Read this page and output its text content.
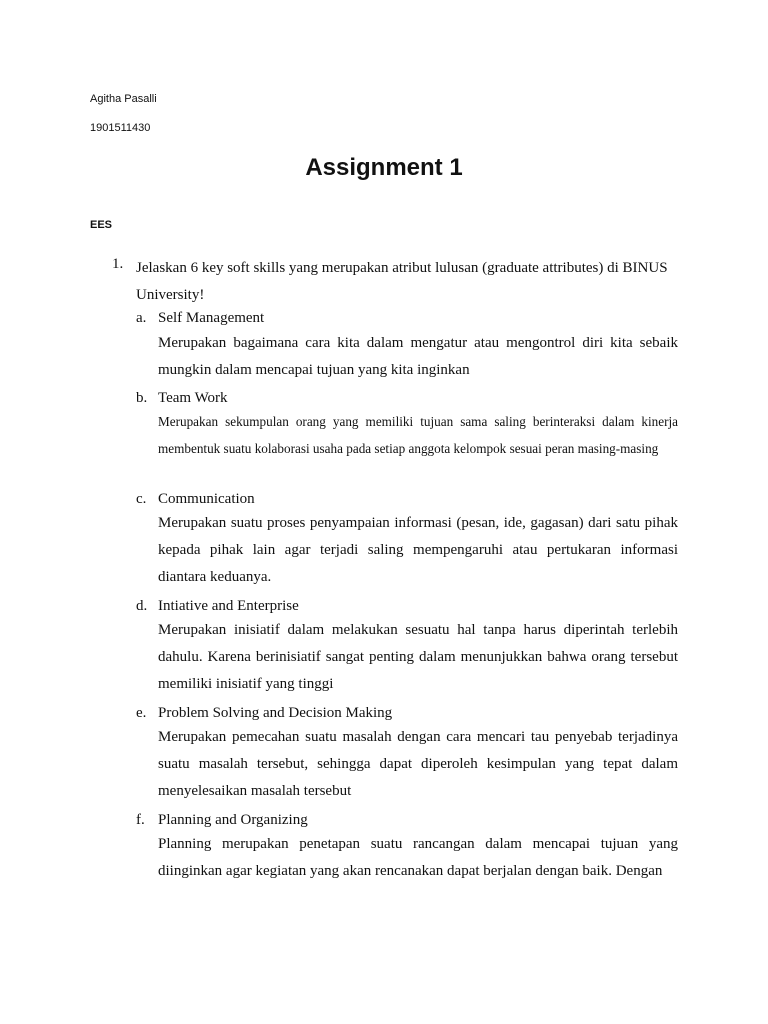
Agitha Pasalli
1901511430
Assignment 1
EES
1. Jelaskan 6 key soft skills yang merupakan atribut lulusan (graduate attributes) di BINUS University!
a. Self Management
Merupakan bagaimana cara kita dalam mengatur atau mengontrol diri kita sebaik mungkin dalam mencapai tujuan yang kita inginkan
b. Team Work
Merupakan sekumpulan orang yang memiliki tujuan sama saling berinteraksi dalam kinerja membentuk suatu kolaborasi usaha pada setiap anggota kelompok sesuai peran masing-masing
c. Communication
Merupakan suatu proses penyampaian informasi (pesan, ide, gagasan) dari satu pihak kepada pihak lain agar terjadi saling mempengaruhi atau pertukaran informasi diantara keduanya.
d. Intiative and Enterprise
Merupakan inisiatif dalam melakukan sesuatu hal tanpa harus diperintah terlebih dahulu. Karena berinisiatif sangat penting dalam menunjukkan bahwa orang tersebut memiliki inisiatif yang tinggi
e. Problem Solving and Decision Making
Merupakan pemecahan suatu masalah dengan cara mencari tau penyebab terjadinya suatu masalah tersebut, sehingga dapat diperoleh kesimpulan yang tepat dalam menyelesaikan masalah tersebut
f. Planning and Organizing
Planning merupakan penetapan suatu rancangan dalam mencapai tujuan yang diinginkan agar kegiatan yang akan rencanakan dapat berjalan dengan baik. Dengan
